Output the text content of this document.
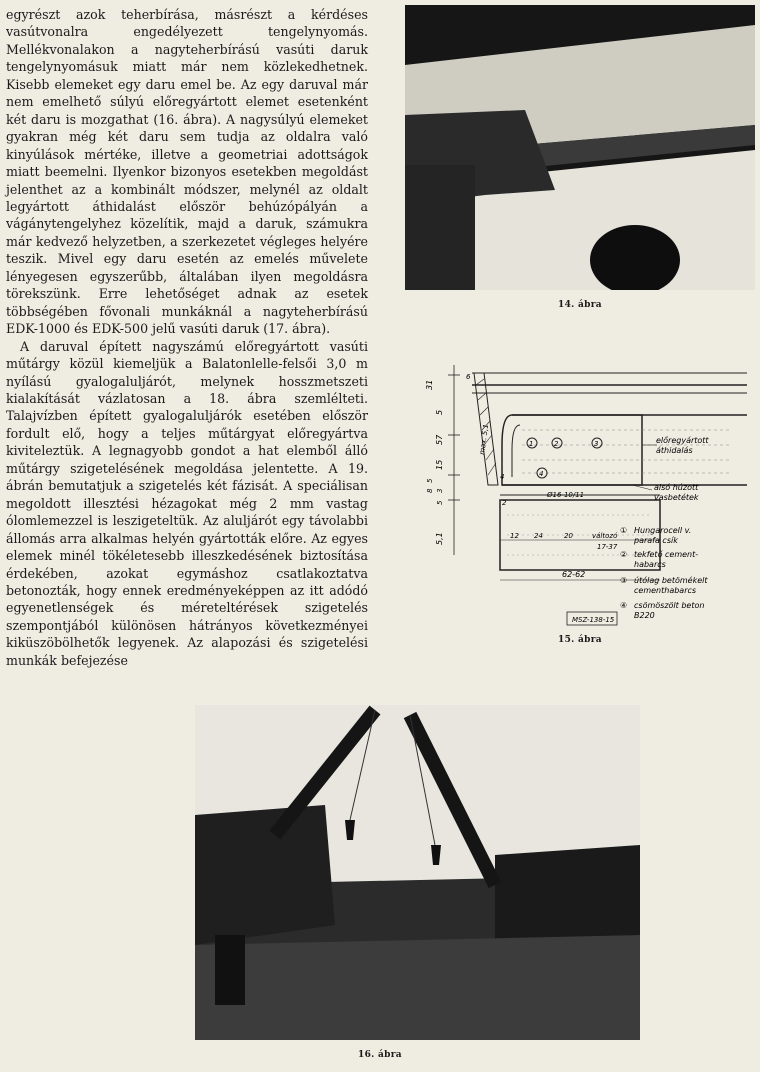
egyrészt azok teherbírása, másrészt a kérdéses vasútvonalra engedélyezett tengelynyomás. Mellékvonalakon a nagyteherbírású vasúti daruk tengelynyomásuk miatt már nem közlekedhetnek. Kisebb elemeket egy daru emel be. Az egy daruval már nem emelhető súlyú előregyártott elemet esetenként két daru is mozgathat (16. ábra). A nagysúlyú elemeket gyakran még két daru sem tudja az oldalra való kinyúlások mértéke, illetve a geometriai adottságok miatt beemelni. Ilyenkor bizonyos esetekben megoldást jelenthet az a kombinált módszer, melynél az oldalt legyártott áthidalást először behúzópályán a vágánytengelyhez közelítik, majd a daruk, számukra már kedvező helyzetben, a szerkezetet végleges helyére teszik. Mivel egy daru esetén az emelés művelete lényegesen egyszerűbb, általában ilyen megoldásra törekszünk. Erre lehetőséget adnak az esetek többségében fővonali munkáknál a nagyteherbírású EDK-1000 és EDK-500 jelű vasúti daruk (17. ábra).

A daruval épített nagyszámú előregyártott vasúti műtárgy közül kiemeljük a Balatonlelle-felsői 3,0 m nyílású gyalogaluljárót, melynek hosszmetszeti kialakítását vázlatosan a 18. ábra szemlélteti. Talajvízben épített gyalogaluljárók esetében először fordult elő, hogy a teljes műtárgyat előregyártva kiviteleztük. A legnagyobb gondot a hat elemből álló műtárgy szigetelésének megoldása jelentette. A 19. ábrán bemutatjuk a szigetelés két fázisát. A speciálisan megoldott illesztési hézagokat még 2 mm vastag ólomlemezzel is leszigeteltük. Az aluljárót egy távolabbi állomás arra alkalmas helyén gyártották előre. Az egyes elemek minél tökéletesebb illeszkedésének biztosítása érdekében, azokat egymáshoz csatlakoztatva betonozták, hogy ennek eredményeképpen az itt adódó egyenetlenségek és méreteltérések szigetelés szempontjából különösen hátrányos következményei kiküszöbölhetők legyenek. Az alapozási és szigetelési munkák befejezése

14. ábra
1	2	3
4
31
5
57
15
8
5
3
5
max. 5,1
5,1
6
2
4
Ø16-10/11
12 24	20	változó
17-37
62-62
előregyártott
áthidalás
alsó húzott
vasbetétek
① Hungarocell v.
parafa csík
② tekfető cement-
habarcs
③ útólag betömékelt
cementhabarcs
④ csömöszölt beton
B220
MSZ-138-15
15. ábra
16. ábra
